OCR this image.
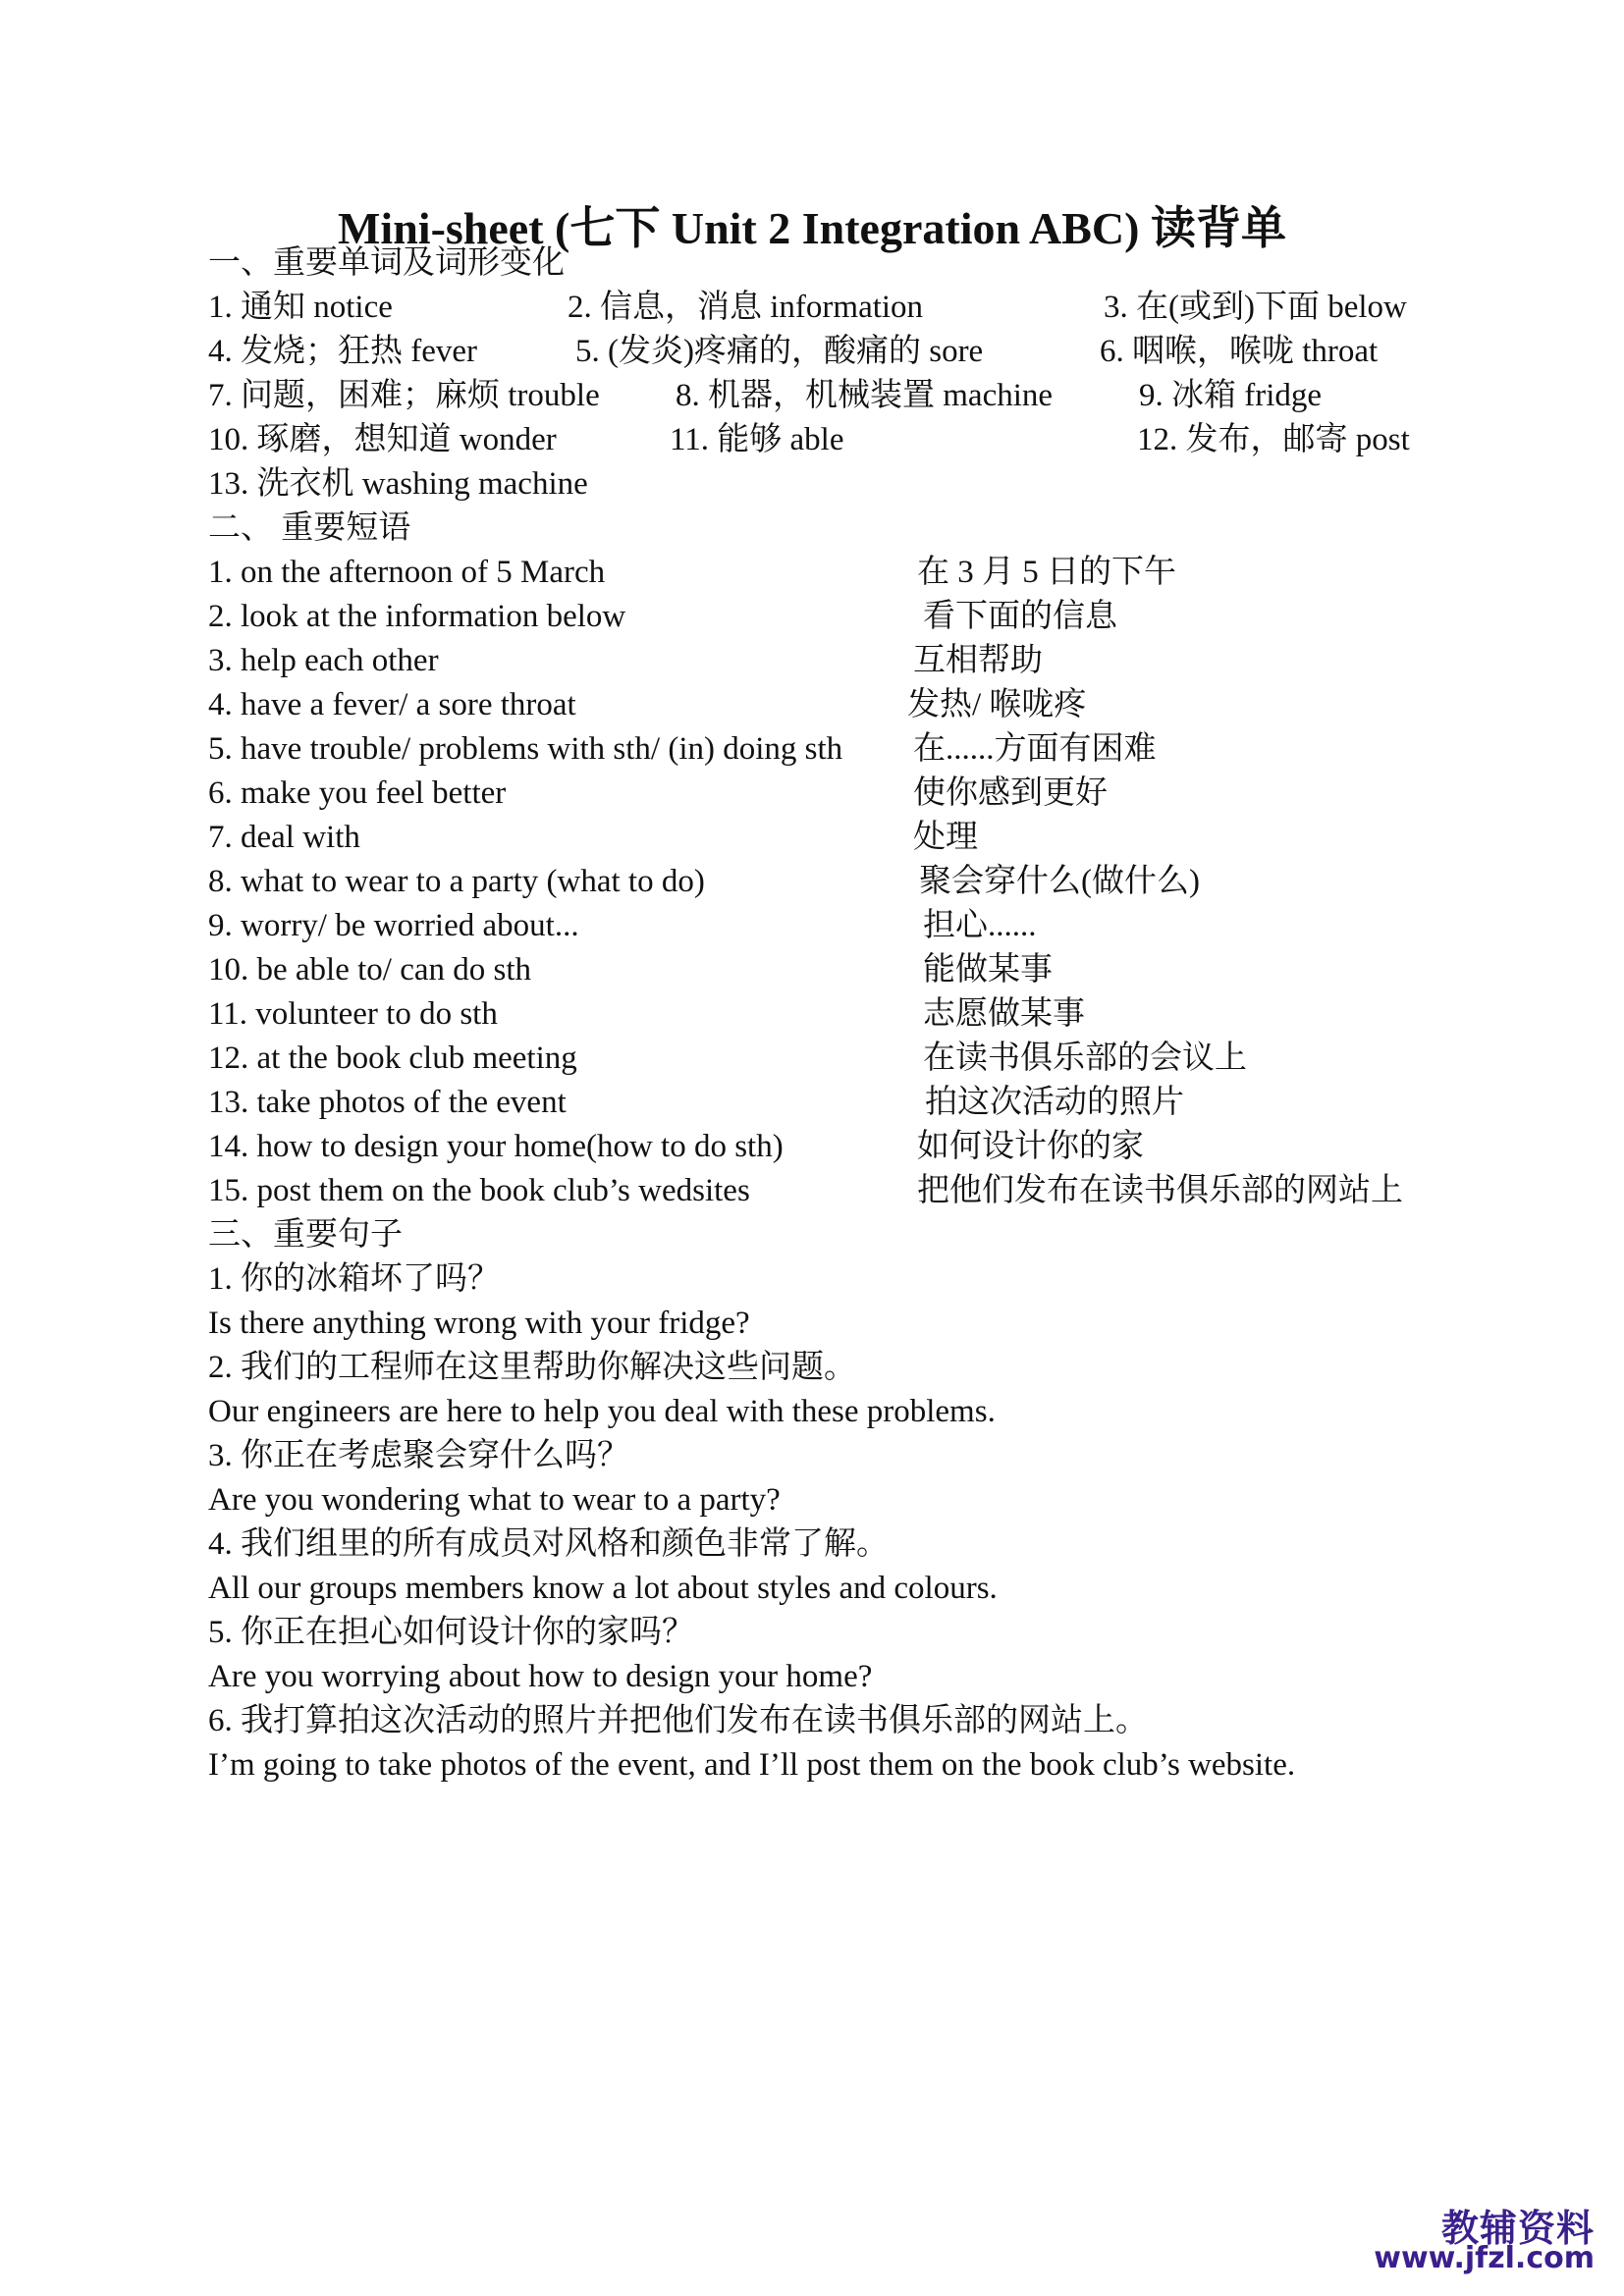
Mini-sheet (七下 Unit 2 Integration ABC) 读背单
一、重要单词及词形变化
1. 通知 notice	2. 信息，消息 information	3. 在(或到)下面 below
4. 发烧；狂热 fever	5. (发炎)疼痛的，酸痛的 sore	6. 咽喉，喉咙 throat
7. 问题，困难；麻烦 trouble 8. 机器，机械装置 machine	9. 冰箱 fridge
10. 琢磨，想知道 wonder	11. 能够 able	12. 发布，邮寄 post
13. 洗衣机 washing machine
二、 重要短语
1. on the afternoon of 5 March	在 3 月 5 日的下午
2. look at the information below	看下面的信息
3. help each other	互相帮助
4. have a fever/ a sore throat	发热/ 喉咙疼
5. have trouble/ problems with sth/ (in) doing sth 在......方面有困难
6. make you feel better	使你感到更好
7. deal with	处理
8. what to wear to a party (what to do)	聚会穿什么(做什么)
9. worry/ be worried about...	担心......
10. be able to/ can do sth	能做某事
11. volunteer to do sth	志愿做某事
12. at the book club meeting	在读书俱乐部的会议上
13. take photos of the event	拍这次活动的照片
14. how to design your home(how to do sth)	如何设计你的家
15. post them on the book club’s wedsites	把他们发布在读书俱乐部的网站上
三、重要句子
1. 你的冰箱坏了吗？
Is there anything wrong with your fridge?
2. 我们的工程师在这里帮助你解决这些问题。
Our engineers are here to help you deal with these problems.
3. 你正在考虑聚会穿什么吗？
Are you wondering what to wear to a party?
4. 我们组里的所有成员对风格和颜色非常了解。
All our groups members know a lot about styles and colours.
5. 你正在担心如何设计你的家吗？
Are you worrying about how to design your home?
6. 我打算拍这次活动的照片并把他们发布在读书俱乐部的网站上。
I’m going to take photos of the event, and I’ll post them on the book club’s website.
教辅资料
www.jfzl.com
